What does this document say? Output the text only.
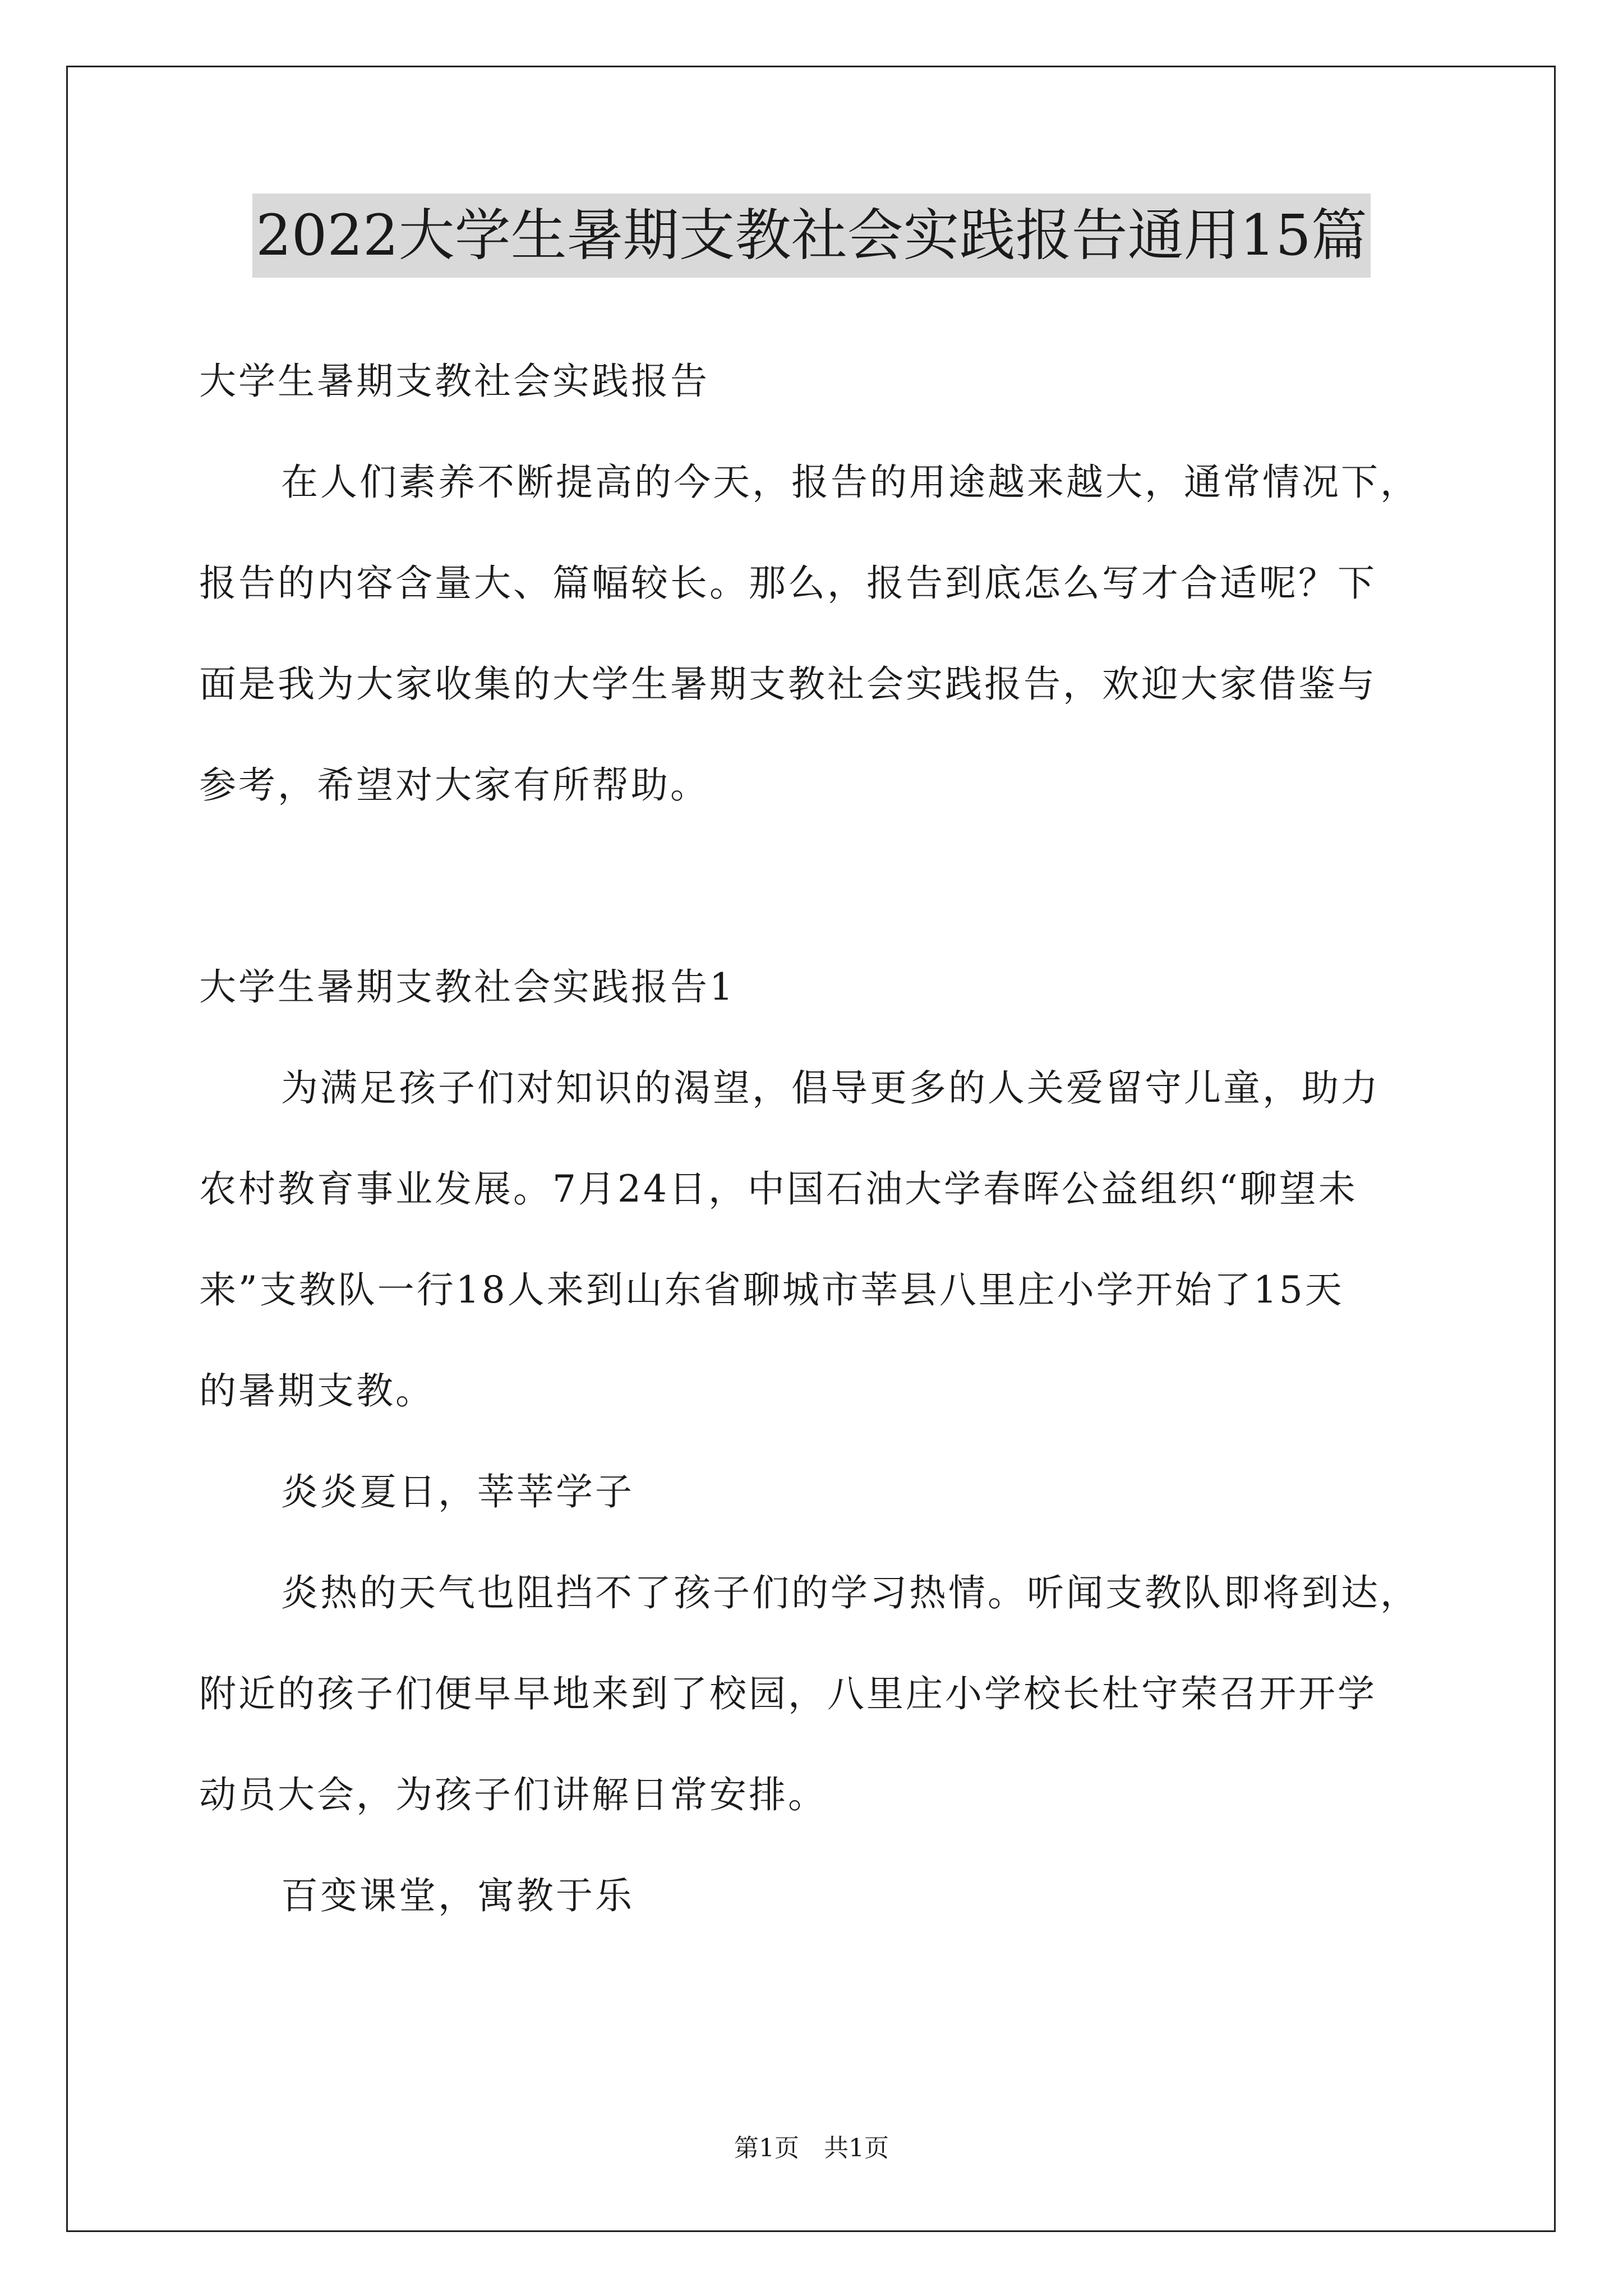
2022大学生暑期支教社会实践报告通用15篇
大学生暑期支教社会实践报告
在人们素养不断提高的今天，报告的用途越来越大，通常情况下，
报告的内容含量大、篇幅较长。那么，报告到底怎么写才合适呢？下
面是我为大家收集的大学生暑期支教社会实践报告，欢迎大家借鉴与
参考，希望对大家有所帮助。
大学生暑期支教社会实践报告1
为满足孩子们对知识的渴望，倡导更多的人关爱留守儿童，助力
农村教育事业发展。7月24日，中国石油大学春晖公益组织“聊望未
来”支教队一行18人来到山东省聊城市莘县八里庄小学开始了15天
的暑期支教。
炎炎夏日，莘莘学子
炎热的天气也阻挡不了孩子们的学习热情。听闻支教队即将到达，
附近的孩子们便早早地来到了校园，八里庄小学校长杜守荣召开开学
动员大会，为孩子们讲解日常安排。
百变课堂，寓教于乐
第1页　共1页
